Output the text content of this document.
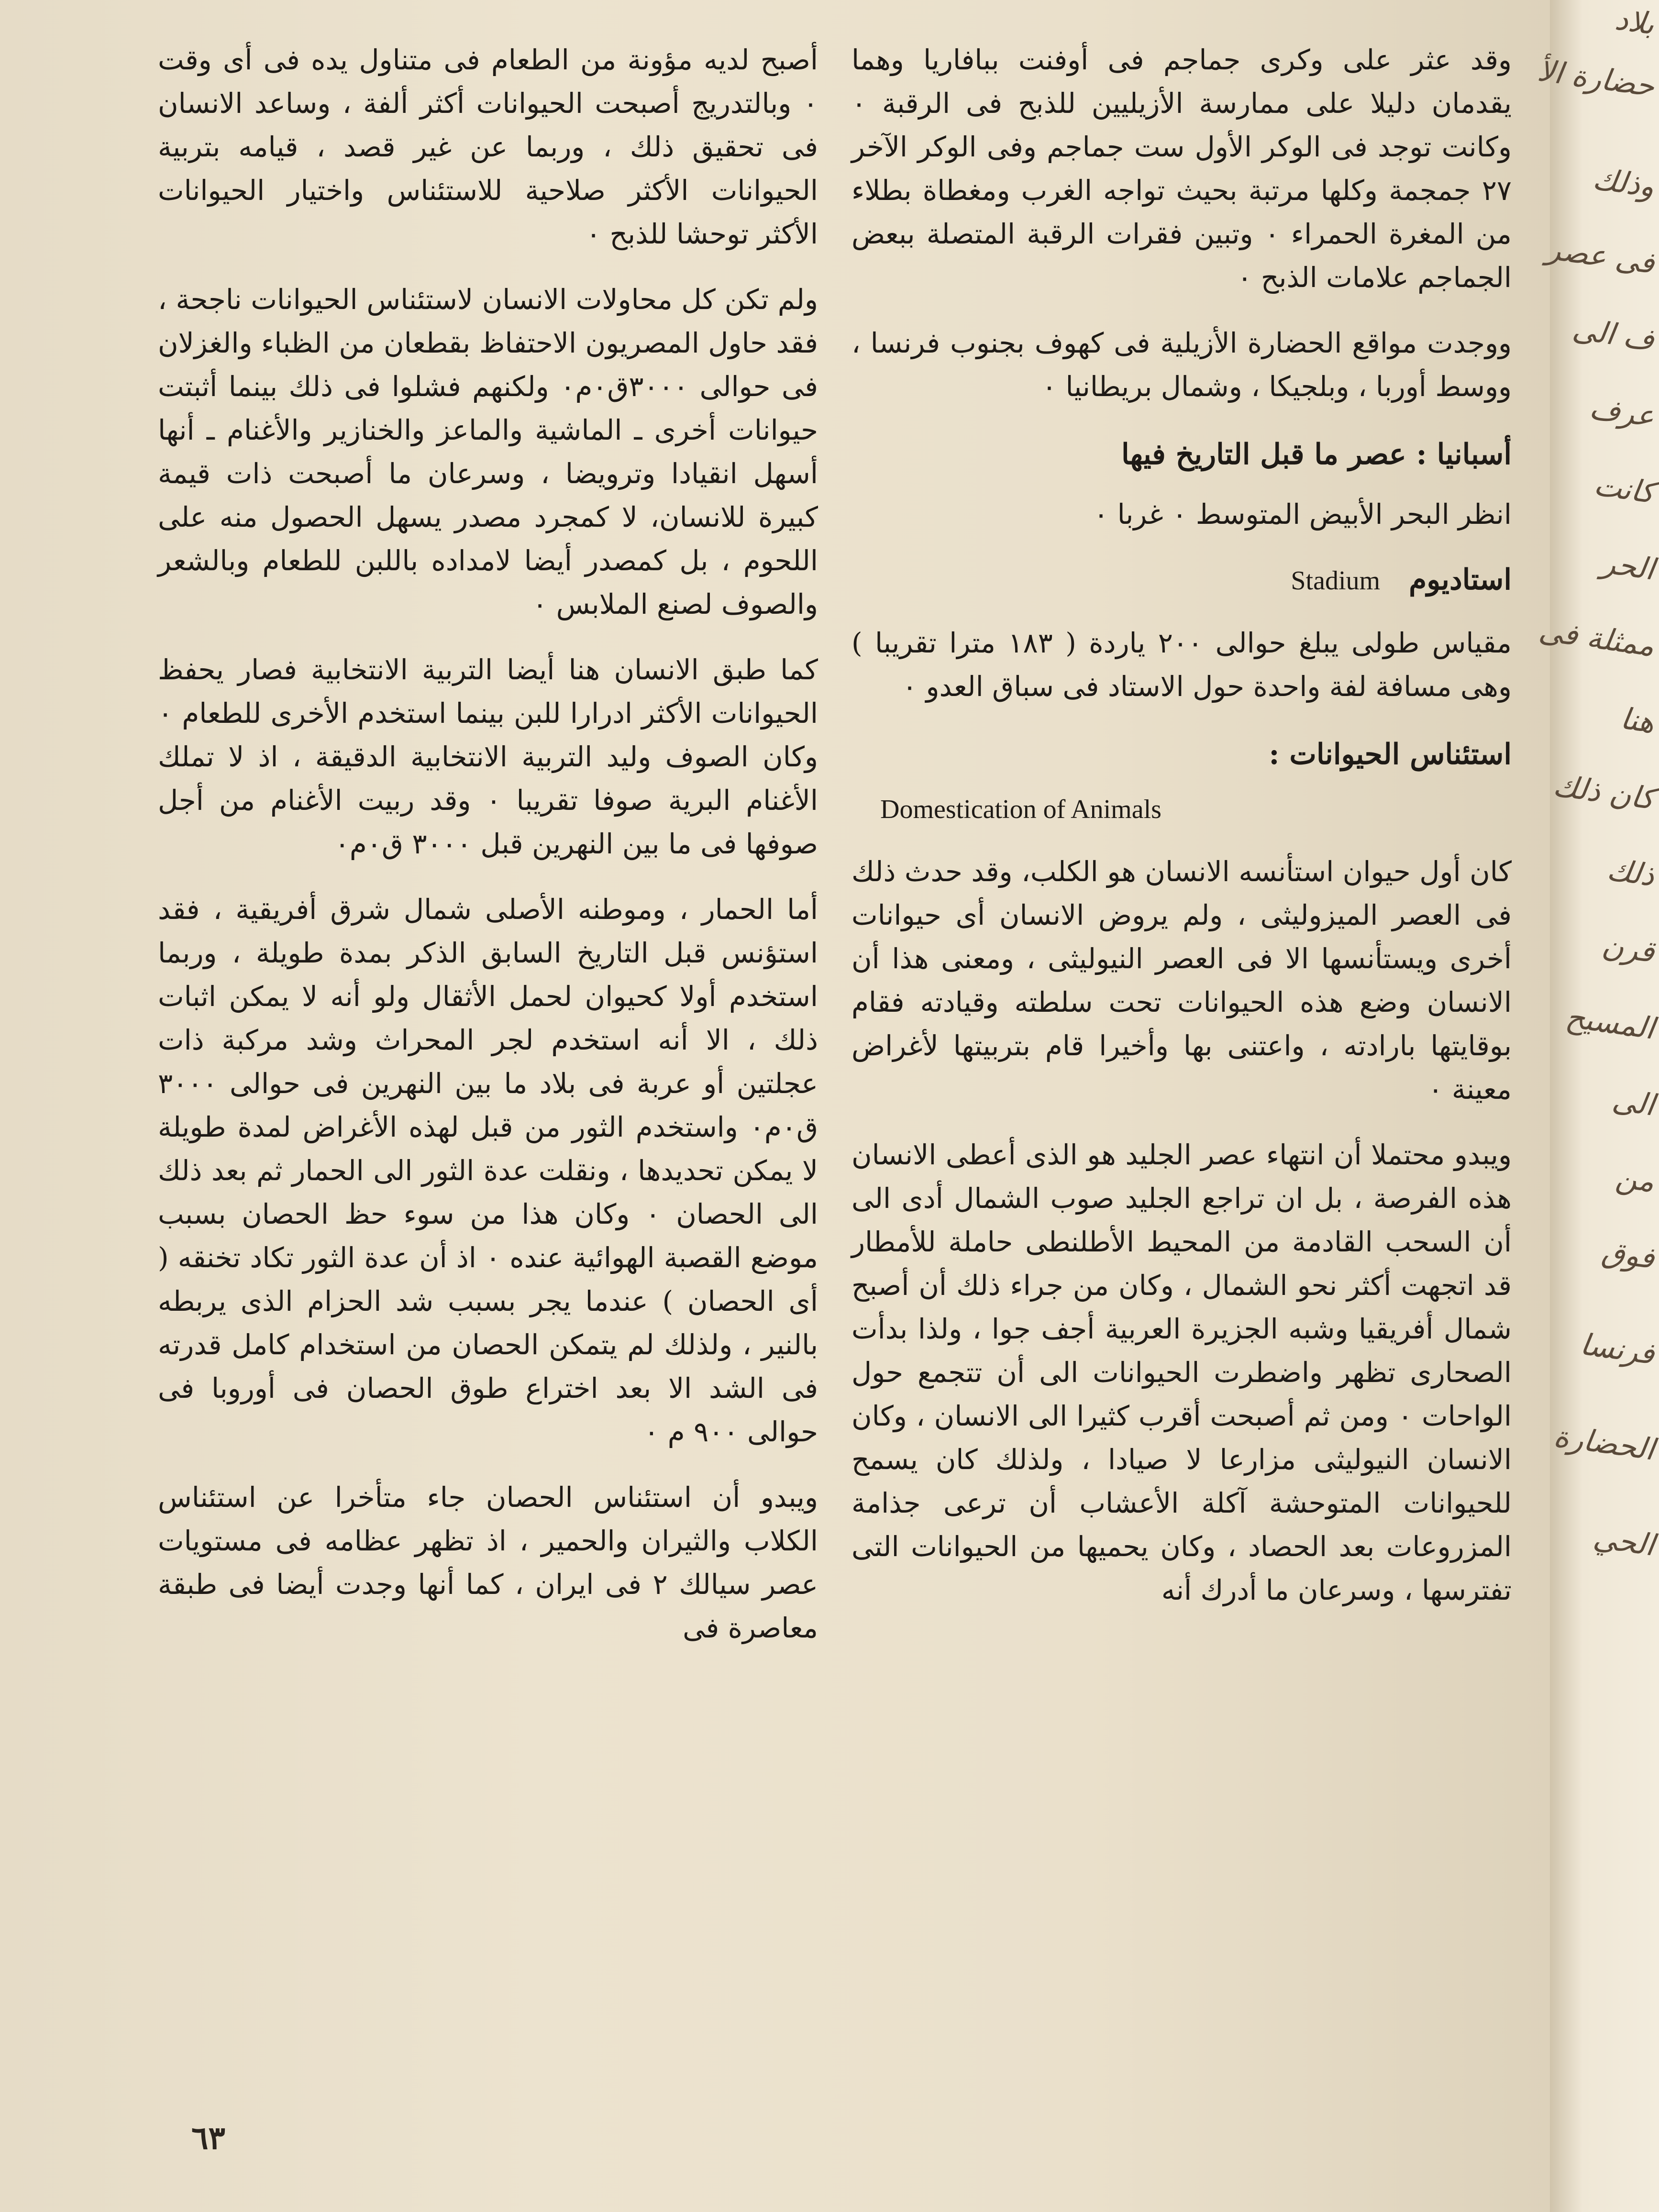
وقد عثر على وكرى جماجم فى أوفنت ببافاريا وهما يقدمان دليلا على ممارسة الأزيليين للذبح فى الرقبة ٠ وكانت توجد فى الوكر الأول ست جماجم وفى الوكر الآخر ٢٧ جمجمة وكلها مرتبة بحيث تواجه الغرب ومغطاة بطلاء من المغرة الحمراء ٠ وتبين فقرات الرقبة المتصلة ببعض الجماجم علامات الذبح ٠

ووجدت مواقع الحضارة الأزيلية فى كهوف بجنوب فرنسا ، ووسط أوربا ، وبلجيكا ، وشمال بريطانيا ٠

أسبانيا : عصر ما قبل التاريخ فيها

انظر البحر الأبيض المتوسط ٠ غربا ٠

استاديوم
Stadium

مقياس طولى يبلغ حوالى ٢٠٠ ياردة ( ١٨٣ مترا تقريبا ) وهى مسافة لفة واحدة حول الاستاد فى سباق العدو ٠

استئناس الحيوانات :
Domestication of Animals

كان أول حيوان استأنسه الانسان هو الكلب، وقد حدث ذلك فى العصر الميزوليثى ، ولم يروض الانسان أى حيوانات أخرى ويستأنسها الا فى العصر النيوليثى ، ومعنى هذا أن الانسان وضع هذه الحيوانات تحت سلطته وقيادته فقام بوقايتها بارادته ، واعتنى بها وأخيرا قام بتربيتها لأغراض معينة ٠

ويبدو محتملا أن انتهاء عصر الجليد هو الذى أعطى الانسان هذه الفرصة ، بل ان تراجع الجليد صوب الشمال أدى الى أن السحب القادمة من المحيط الأطلنطى حاملة للأمطار قد اتجهت أكثر نحو الشمال ، وكان من جراء ذلك أن أصبح شمال أفريقيا وشبه الجزيرة العربية أجف جوا ، ولذا بدأت الصحارى تظهر واضطرت الحيوانات الى أن تتجمع حول الواحات ٠ ومن ثم أصبحت أقرب كثيرا الى الانسان ، وكان الانسان النيوليثى مزارعا لا صيادا ، ولذلك كان يسمح للحيوانات المتوحشة آكلة الأعشاب أن ترعى جذامة المزروعات بعد الحصاد ، وكان يحميها من الحيوانات التى تفترسها ، وسرعان ما أدرك أنه

أصبح لديه مؤونة من الطعام فى متناول يده فى أى وقت ٠ وبالتدريج أصبحت الحيوانات أكثر ألفة ، وساعد الانسان فى تحقيق ذلك ، وربما عن غير قصد ، قيامه بتربية الحيوانات الأكثر صلاحية للاستئناس واختيار الحيوانات الأكثر توحشا للذبح ٠

ولم تكن كل محاولات الانسان لاستئناس الحيوانات ناجحة ، فقد حاول المصريون الاحتفاظ بقطعان من الظباء والغزلان فى حوالى ٣٠٠٠ق٠م٠ ولكنهم فشلوا فى ذلك بينما أثبتت حيوانات أخرى ـ الماشية والماعز والخنازير والأغنام ـ أنها أسهل انقيادا وترويضا ، وسرعان ما أصبحت ذات قيمة كبيرة للانسان، لا كمجرد مصدر يسهل الحصول منه على اللحوم ، بل كمصدر أيضا لامداده باللبن للطعام وبالشعر والصوف لصنع الملابس ٠

كما طبق الانسان هنا أيضا التربية الانتخابية فصار يحفظ الحيوانات الأكثر ادرارا للبن بينما استخدم الأخرى للطعام ٠ وكان الصوف وليد التربية الانتخابية الدقيقة ، اذ لا تملك الأغنام البرية صوفا تقريبا ٠ وقد ربيت الأغنام من أجل صوفها فى ما بين النهرين قبل ٣٠٠٠ ق٠م٠

أما الحمار ، وموطنه الأصلى شمال شرق أفريقية ، فقد استؤنس قبل التاريخ السابق الذكر بمدة طويلة ، وربما استخدم أولا كحيوان لحمل الأثقال ولو أنه لا يمكن اثبات ذلك ، الا أنه استخدم لجر المحراث وشد مركبة ذات عجلتين أو عربة فى بلاد ما بين النهرين فى حوالى ٣٠٠٠ ق٠م٠ واستخدم الثور من قبل لهذه الأغراض لمدة طويلة لا يمكن تحديدها ، ونقلت عدة الثور الى الحمار ثم بعد ذلك الى الحصان ٠ وكان هذا من سوء حظ الحصان بسبب موضع القصبة الهوائية عنده ٠ اذ أن عدة الثور تكاد تخنقه ( أى الحصان ) عندما يجر بسبب شد الحزام الذى يربطه بالنير ، ولذلك لم يتمكن الحصان من استخدام كامل قدرته فى الشد الا بعد اختراع طوق الحصان فى أوروبا فى حوالى ٩٠٠ م ٠

ويبدو أن استئناس الحصان جاء متأخرا عن استئناس الكلاب والثيران والحمير ، اذ تظهر عظامه فى مستويات عصر سيالك ٢ فى ايران ، كما أنها وجدت أيضا فى طبقة معاصرة فى

٦٣
بلاد
حضارة الأ
وذلك
فى عصر
ف الى
عرف
كانت
الحر
ممثلة فى
هنا
كان ذلك
ذلك
قرن
المسيح
الى
من
فوق
فرنسا
الحضارة
الحي
